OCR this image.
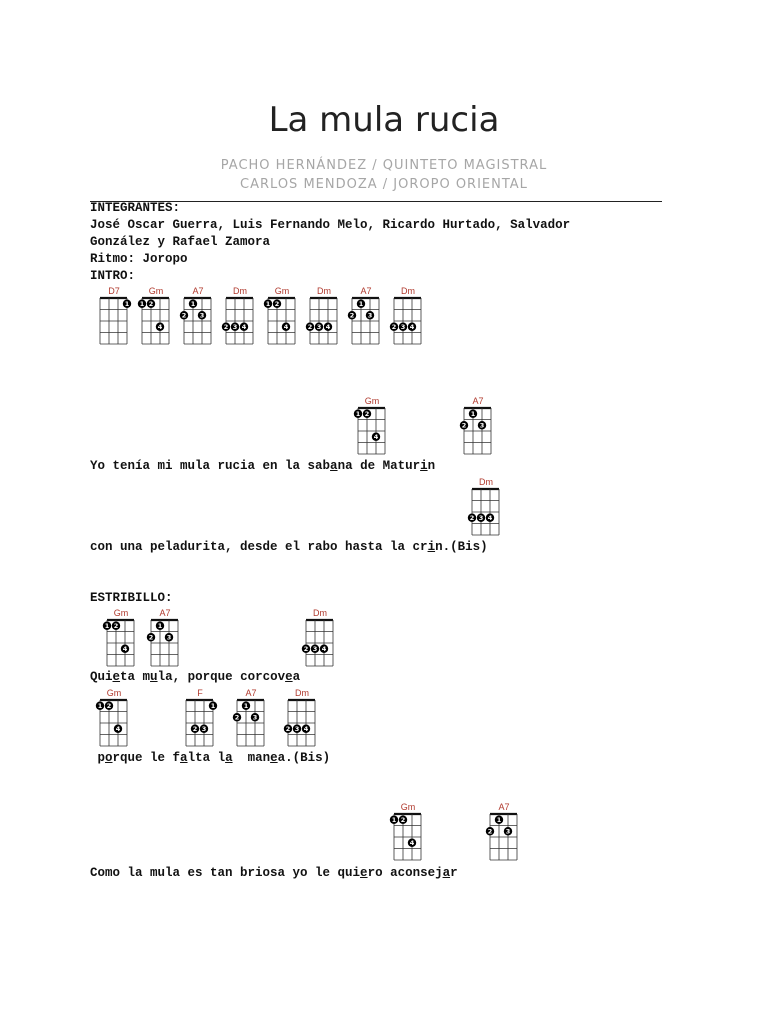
La mula rucia
PACHO HERNÁNDEZ / QUINTETO MAGISTRAL
CARLOS MENDOZA / JOROPO ORIENTAL

INTEGRANTES:

José Oscar Guerra, Luis Fernando Melo, Ricardo Hurtado, Salvador

González y Rafael Zamora

Ritmo: Joropo

INTRO:

D7
1
Gm
1 2
4
A7
1
2 3
Dm
2 3 4
Gm
1 2
4
Dm
2 3 4
A7
1
2 3
Dm
2 3 4
Gm
1 2
4
A7
1
2 3

Yo tenía mi mula rucia en la sabana de Maturin

Dm
2 3 4

con una peladurita, desde el rabo hasta la crin.(Bis)

ESTRIBILLO:

Gm
1 2
4
A7
1
2 3
Dm
2 3 4

Quieta mula, porque corcovea

Gm
1 2
4
F
1
2 3
A7
1
2 3
Dm
2 3 4

porque le falta la  manea.(Bis)

Gm
1 2
4
A7
1
2 3

Como la mula es tan briosa yo le quiero aconsejar
